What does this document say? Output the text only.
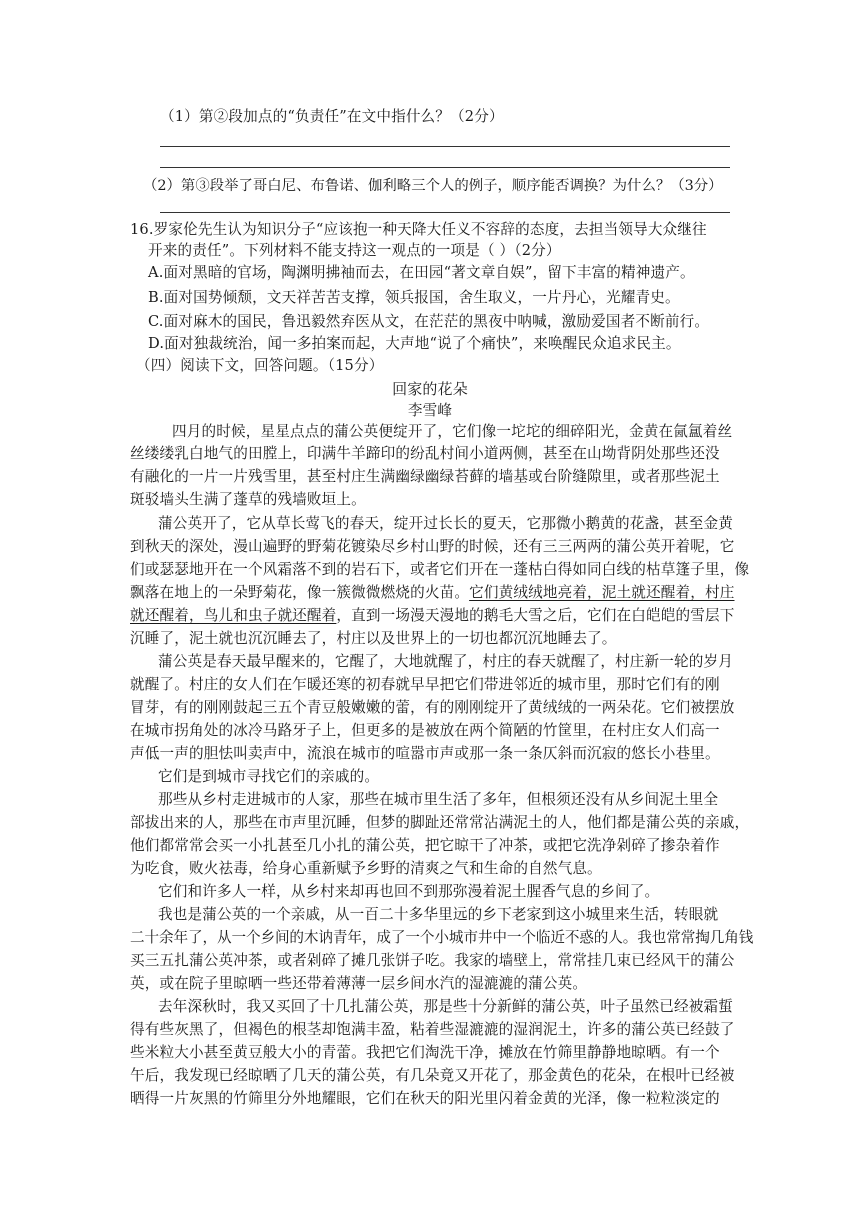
（1）第②段加点的“负责任”在文中指什么？（2分）
（2）第③段举了哥白尼、布鲁诺、伽利略三个人的例子，顺序能否调换？为什么？（3分）
16.罗家伦先生认为知识分子“应该抱一种天降大任义不容辞的态度，去担当领导大众继往
开来的责任”。下列材料不能支持这一观点的一项是（ ）（2分）
A.面对黑暗的官场，陶渊明拂袖而去，在田园“著文章自娱”，留下丰富的精神遗产。
B.面对国势倾颓，文天祥苦苦支撑，领兵报国，舍生取义，一片丹心，光耀青史。
C.面对麻木的国民，鲁迅毅然弃医从文，在茫茫的黑夜中呐喊，激励爱国者不断前行。
D.面对独裁统治，闻一多拍案而起，大声地“说了个痛快”，来唤醒民众追求民主。
（四）阅读下文，回答问题。（15分）
回家的花朵
李雪峰
四月的时候，星星点点的蒲公英便绽开了，它们像一坨坨的细碎阳光，金黄在氤氲着丝
丝缕缕乳白地气的田膛上，印满牛羊蹄印的纷乱村间小道两侧，甚至在山坳背阴处那些还没
有融化的一片一片残雪里，甚至村庄生满幽绿幽绿苔藓的墙基或台阶缝隙里，或者那些泥土
斑驳墙头生满了蓬草的残墙败垣上。
蒲公英开了，它从草长莺飞的春天，绽开过长长的夏天，它那微小鹅黄的花盏，甚至金黄
到秋天的深处，漫山遍野的野菊花镀染尽乡村山野的时候，还有三三两两的蒲公英开着呢，它
们或瑟瑟地开在一个风霜落不到的岩石下，或者它们开在一蓬枯白得如同白线的枯草篷子里，像
飘落在地上的一朵野菊花，像一簇微微燃烧的火苗。它们黄绒绒地亮着，泥土就还醒着，村庄
就还醒着，鸟儿和虫子就还醒着，直到一场漫天漫地的鹅毛大雪之后，它们在白皑皑的雪层下
沉睡了，泥土就也沉沉睡去了，村庄以及世界上的一切也都沉沉地睡去了。
蒲公英是春天最早醒来的，它醒了，大地就醒了，村庄的春天就醒了，村庄新一轮的岁月
就醒了。村庄的女人们在乍暖还寒的初春就早早把它们带进邻近的城市里，那时它们有的刚
冒芽，有的刚刚鼓起三五个青豆般嫩嫩的蕾，有的刚刚绽开了黄绒绒的一两朵花。它们被摆放
在城市拐角处的冰冷马路牙子上，但更多的是被放在两个简陋的竹筐里，在村庄女人们高一
声低一声的胆怯叫卖声中，流浪在城市的喧嚣市声或那一条一条仄斜而沉寂的悠长小巷里。
它们是到城市寻找它们的亲戚的。
那些从乡村走进城市的人家，那些在城市里生活了多年，但根须还没有从乡间泥土里全
部拔出来的人，那些在市声里沉睡，但梦的脚趾还常常沾满泥土的人，他们都是蒲公英的亲戚，
他们都常常会买一小扎甚至几小扎的蒲公英，把它晾干了冲茶，或把它洗净剁碎了掺杂着作
为吃食，败火祛毒，给身心重新赋予乡野的清爽之气和生命的自然气息。
它们和许多人一样，从乡村来却再也回不到那弥漫着泥土腥香气息的乡间了。
我也是蒲公英的一个亲戚，从一百二十多华里远的乡下老家到这小城里来生活，转眼就
二十余年了，从一个乡间的木讷青年，成了一个小城市井中一个临近不惑的人。我也常常掏几角钱
买三五扎蒲公英冲茶，或者剁碎了摊几张饼子吃。我家的墙壁上，常常挂几束已经风干的蒲公
英，或在院子里晾晒一些还带着薄薄一层乡间水汽的湿漉漉的蒲公英。
去年深秋时，我又买回了十几扎蒲公英，那是些十分新鲜的蒲公英，叶子虽然已经被霜蜇
得有些灰黑了，但褐色的根茎却饱满丰盈，粘着些湿漉漉的湿润泥土，许多的蒲公英已经鼓了
些米粒大小甚至黄豆般大小的青蕾。我把它们淘洗干净，摊放在竹筛里静静地晾晒。有一个
午后，我发现已经晾晒了几天的蒲公英，有几朵竟又开花了，那金黄色的花朵，在根叶已经被
晒得一片灰黑的竹筛里分外地耀眼，它们在秋天的阳光里闪着金黄的光泽，像一粒粒淡定的
